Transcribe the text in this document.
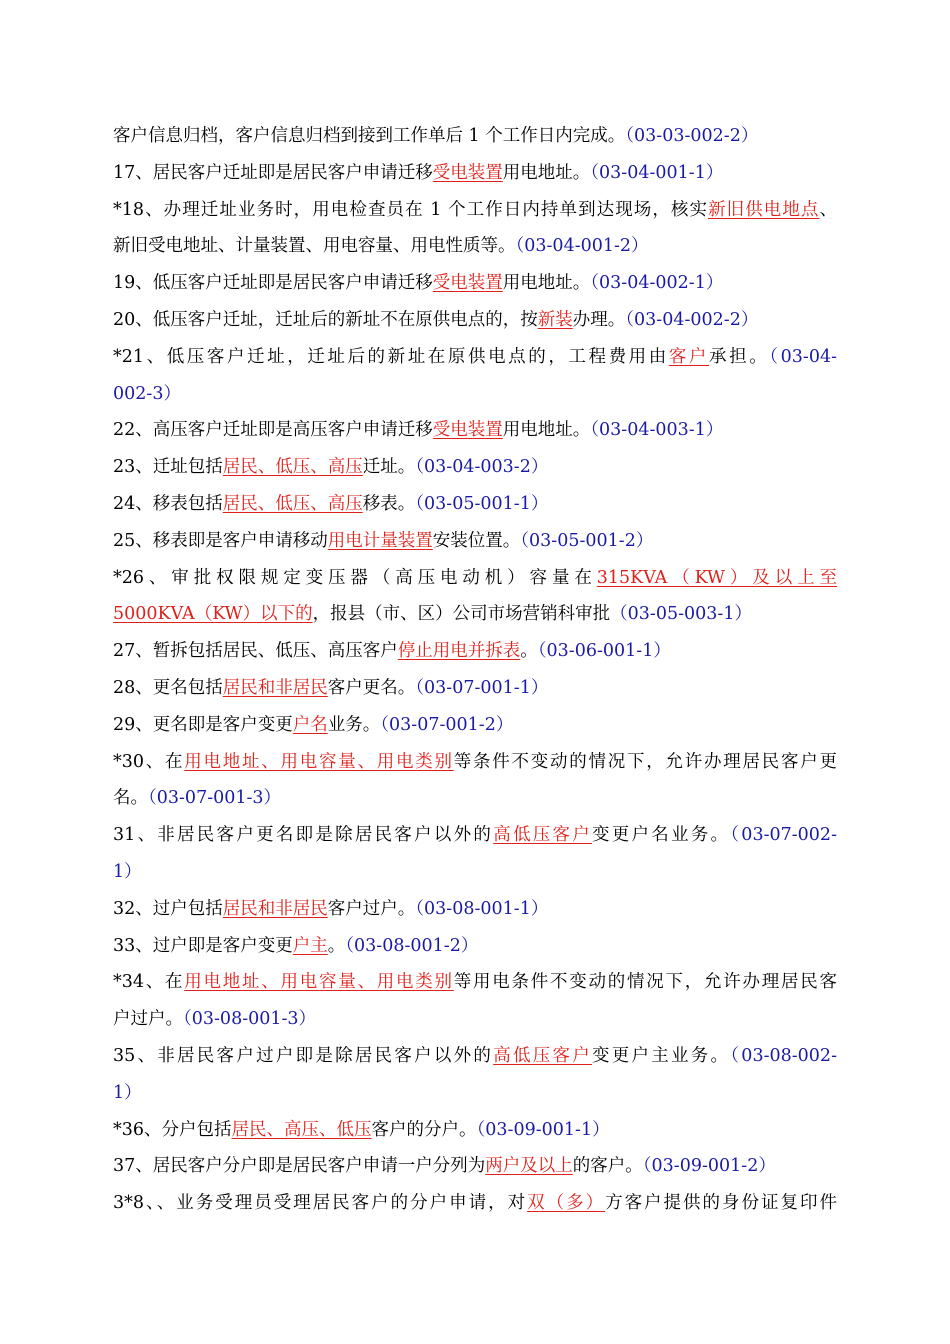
客户信息归档，客户信息归档到接到工作单后 1 个工作日内完成。（03-03-002-2）
17、居民客户迁址即是居民客户申请迁移受电装置用电地址。（03-04-001-1）
*18、办理迁址业务时，用电检查员在 1 个工作日内持单到达现场，核实新旧供电地点、
新旧受电地址、计量装置、用电容量、用电性质等。（03-04-001-2）
19、低压客户迁址即是居民客户申请迁移受电装置用电地址。（03-04-002-1）
20、低压客户迁址，迁址后的新址不在原供电点的，按新装办理。（03-04-002-2）
*21、低压客户迁址，迁址后的新址在原供电点的，工程费用由客户承担。（03-04-
002-3）
22、高压客户迁址即是高压客户申请迁移受电装置用电地址。（03-04-003-1）
23、迁址包括居民、低压、高压迁址。（03-04-003-2）
24、移表包括居民、低压、高压移表。（03-05-001-1）
25、移表即是客户申请移动用电计量装置安装位置。（03-05-001-2）
*26、审批权限规定变压器（高压电动机）容量在315KVA（KW）及以上至
5000KVA（KW）以下的，报县（市、区）公司市场营销科审批（03-05-003-1）
27、暂拆包括居民、低压、高压客户停止用电并拆表。（03-06-001-1）
28、更名包括居民和非居民客户更名。（03-07-001-1）
29、更名即是客户变更户名业务。（03-07-001-2）
*30、在用电地址、用电容量、用电类别等条件不变动的情况下，允许办理居民客户更
名。（03-07-001-3）
31、非居民客户更名即是除居民客户以外的高低压客户变更户名业务。（03-07-002-
1）
32、过户包括居民和非居民客户过户。（03-08-001-1）
33、过户即是客户变更户主。（03-08-001-2）
*34、在用电地址、用电容量、用电类别等用电条件不变动的情况下，允许办理居民客
户过户。（03-08-001-3）
35、非居民客户过户即是除居民客户以外的高低压客户变更户主业务。（03-08-002-
1）
*36、分户包括居民、高压、低压客户的分户。（03-09-001-1）
37、居民客户分户即是居民客户申请一户分列为两户及以上的客户。（03-09-001-2）
3*8、、业务受理员受理居民客户的分户申请，对双（多）方客户提供的身份证复印件
